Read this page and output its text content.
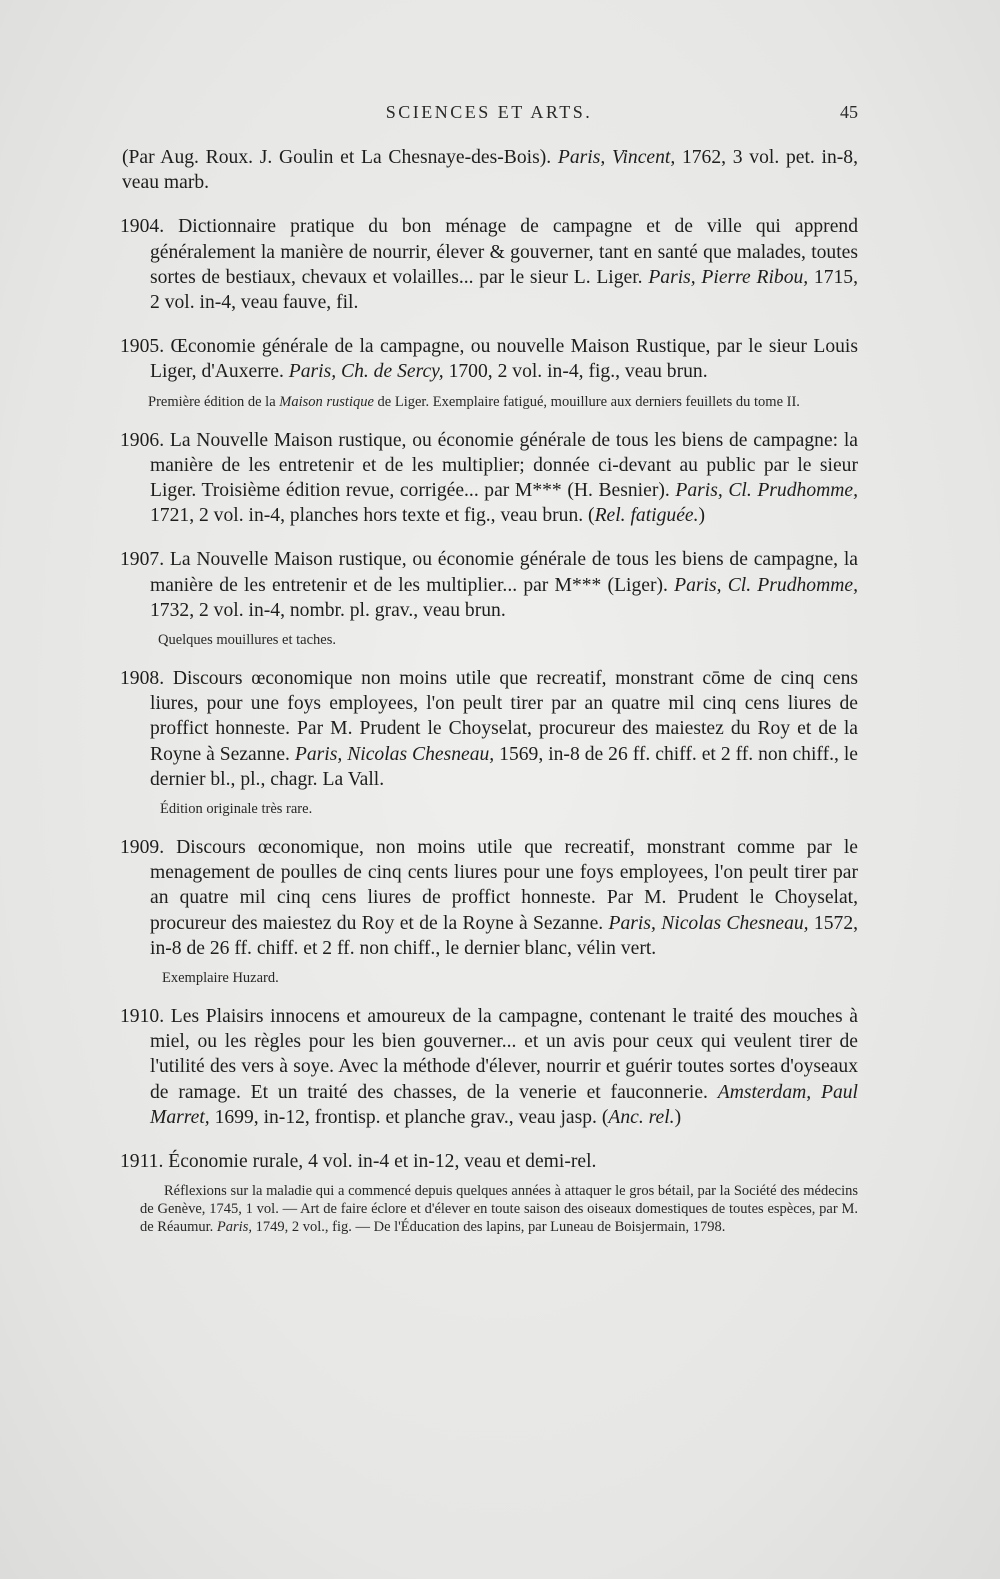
SCIENCES ET ARTS.	45

(Par Aug. Roux. J. Goulin et La Chesnaye-des-Bois). Paris, Vincent, 1762, 3 vol. pet. in-8, veau marb.

1904. Dictionnaire pratique du bon ménage de campagne et de ville qui apprend généralement la manière de nourrir, élever & gouverner, tant en santé que malades, toutes sortes de bestiaux, chevaux et volailles... par le sieur L. Liger. Paris, Pierre Ribou, 1715, 2 vol. in-4, veau fauve, fil.

1905. Œconomie générale de la campagne, ou nouvelle Maison Rustique, par le sieur Louis Liger, d'Auxerre. Paris, Ch. de Sercy, 1700, 2 vol. in-4, fig., veau brun.

Première édition de la Maison rustique de Liger. Exemplaire fatigué, mouillure aux derniers feuillets du tome II.

1906. La Nouvelle Maison rustique, ou économie générale de tous les biens de campagne: la manière de les entretenir et de les multiplier; donnée ci-devant au public par le sieur Liger. Troisième édition revue, corrigée... par M*** (H. Besnier). Paris, Cl. Prudhomme, 1721, 2 vol. in-4, planches hors texte et fig., veau brun. (Rel. fatiguée.)

1907. La Nouvelle Maison rustique, ou économie générale de tous les biens de campagne, la manière de les entretenir et de les multiplier... par M*** (Liger). Paris, Cl. Prudhomme, 1732, 2 vol. in-4, nombr. pl. grav., veau brun.

Quelques mouillures et taches.

1908. Discours œconomique non moins utile que recreatif, monstrant cōme de cinq cens liures, pour une foys employees, l'on peult tirer par an quatre mil cinq cens liures de proffict honneste. Par M. Prudent le Choyselat, procureur des maiestez du Roy et de la Royne à Sezanne. Paris, Nicolas Chesneau, 1569, in-8 de 26 ff. chiff. et 2 ff. non chiff., le dernier bl., pl., chagr. La Vall.

Édition originale très rare.

1909. Discours œconomique, non moins utile que recreatif, monstrant comme par le menagement de poulles de cinq cents liures pour une foys employees, l'on peult tirer par an quatre mil cinq cens liures de proffict honneste. Par M. Prudent le Choyselat, procureur des maiestez du Roy et de la Royne à Sezanne. Paris, Nicolas Chesneau, 1572, in-8 de 26 ff. chiff. et 2 ff. non chiff., le dernier blanc, vélin vert.

Exemplaire Huzard.

1910. Les Plaisirs innocens et amoureux de la campagne, contenant le traité des mouches à miel, ou les règles pour les bien gouverner... et un avis pour ceux qui veulent tirer de l'utilité des vers à soye. Avec la méthode d'élever, nourrir et guérir toutes sortes d'oyseaux de ramage. Et un traité des chasses, de la venerie et fauconnerie. Amsterdam, Paul Marret, 1699, in-12, frontisp. et planche grav., veau jasp. (Anc. rel.)

1911. Économie rurale, 4 vol. in-4 et in-12, veau et demi-rel.

Réflexions sur la maladie qui a commencé depuis quelques années à attaquer le gros bétail, par la Société des médecins de Genève, 1745, 1 vol. — Art de faire éclore et d'élever en toute saison des oiseaux domestiques de toutes espèces, par M. de Réaumur. Paris, 1749, 2 vol., fig. — De l'Éducation des lapins, par Luneau de Boisjermain, 1798.
